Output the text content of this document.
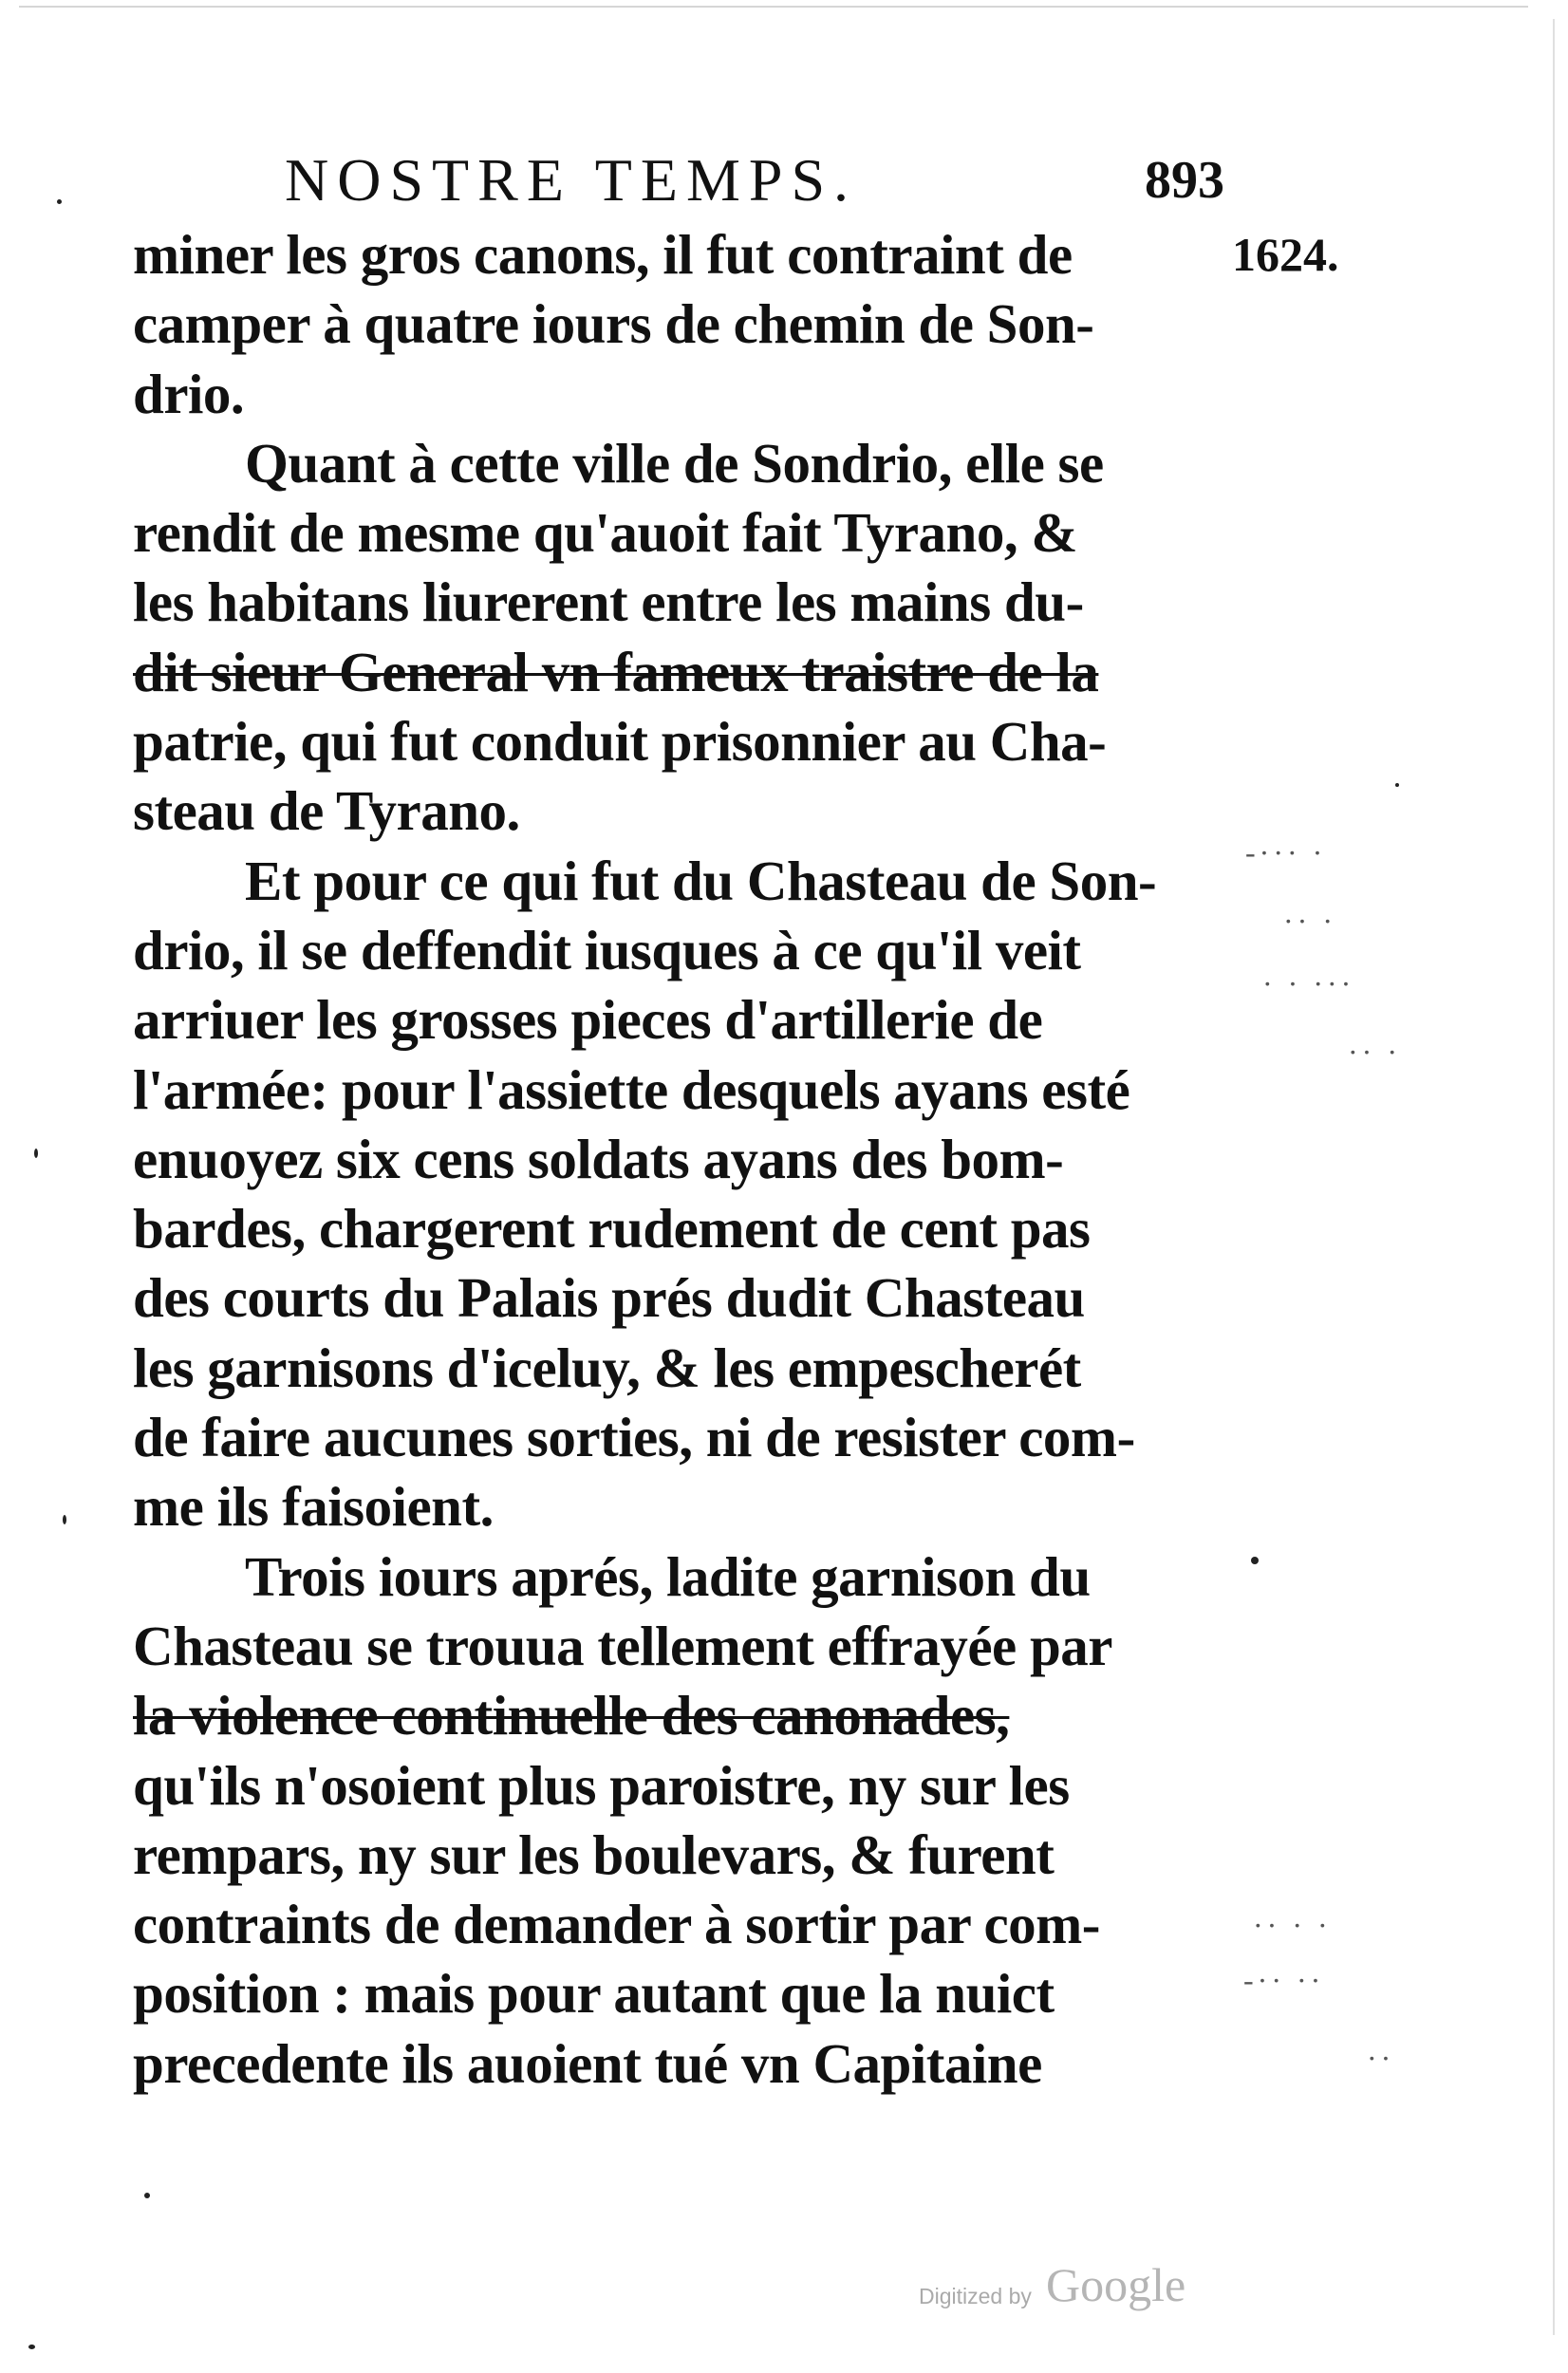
NOSTRE TEMPS.	893
1624.
miner les gros canons, il fut contraint de
camper à quatre iours de chemin de Son-
drio.
Quant à cette ville de Sondrio, elle se
rendit de mesme qu'auoit fait Tyrano, &
les habitans liurerent entre les mains du-
dit sieur General vn fameux traistre de la
patrie, qui fut conduit prisonnier au Cha-
steau de Tyrano.
Et pour ce qui fut du Chasteau de Son-
drio, il se deffendit iusques à ce qu'il veit
arriuer les grosses pieces d'artillerie de
l'armée: pour l'assiette desquels ayans esté
enuoyez six cens soldats ayans des bom-
bardes, chargerent rudement de cent pas
des courts du Palais prés dudit Chasteau
les garnisons d'iceluy, & les empescherét
de faire aucunes sorties, ni de resister com-
me ils faisoient.
Trois iours aprés, ladite garnison du
Chasteau se trouua tellement effrayée par
la violence continuelle des canonades,
qu'ils n'osoient plus paroistre, ny sur les
rempars, ny sur les boulevars, & furent
contraints de demander à sortir par com-
position : mais pour autant que la nuict
precedente ils auoient tué vn Capitaine
-··· ·
·· ·
· · ···
·· ·
·· · ·
-·· ··
··
Digitized by Google
